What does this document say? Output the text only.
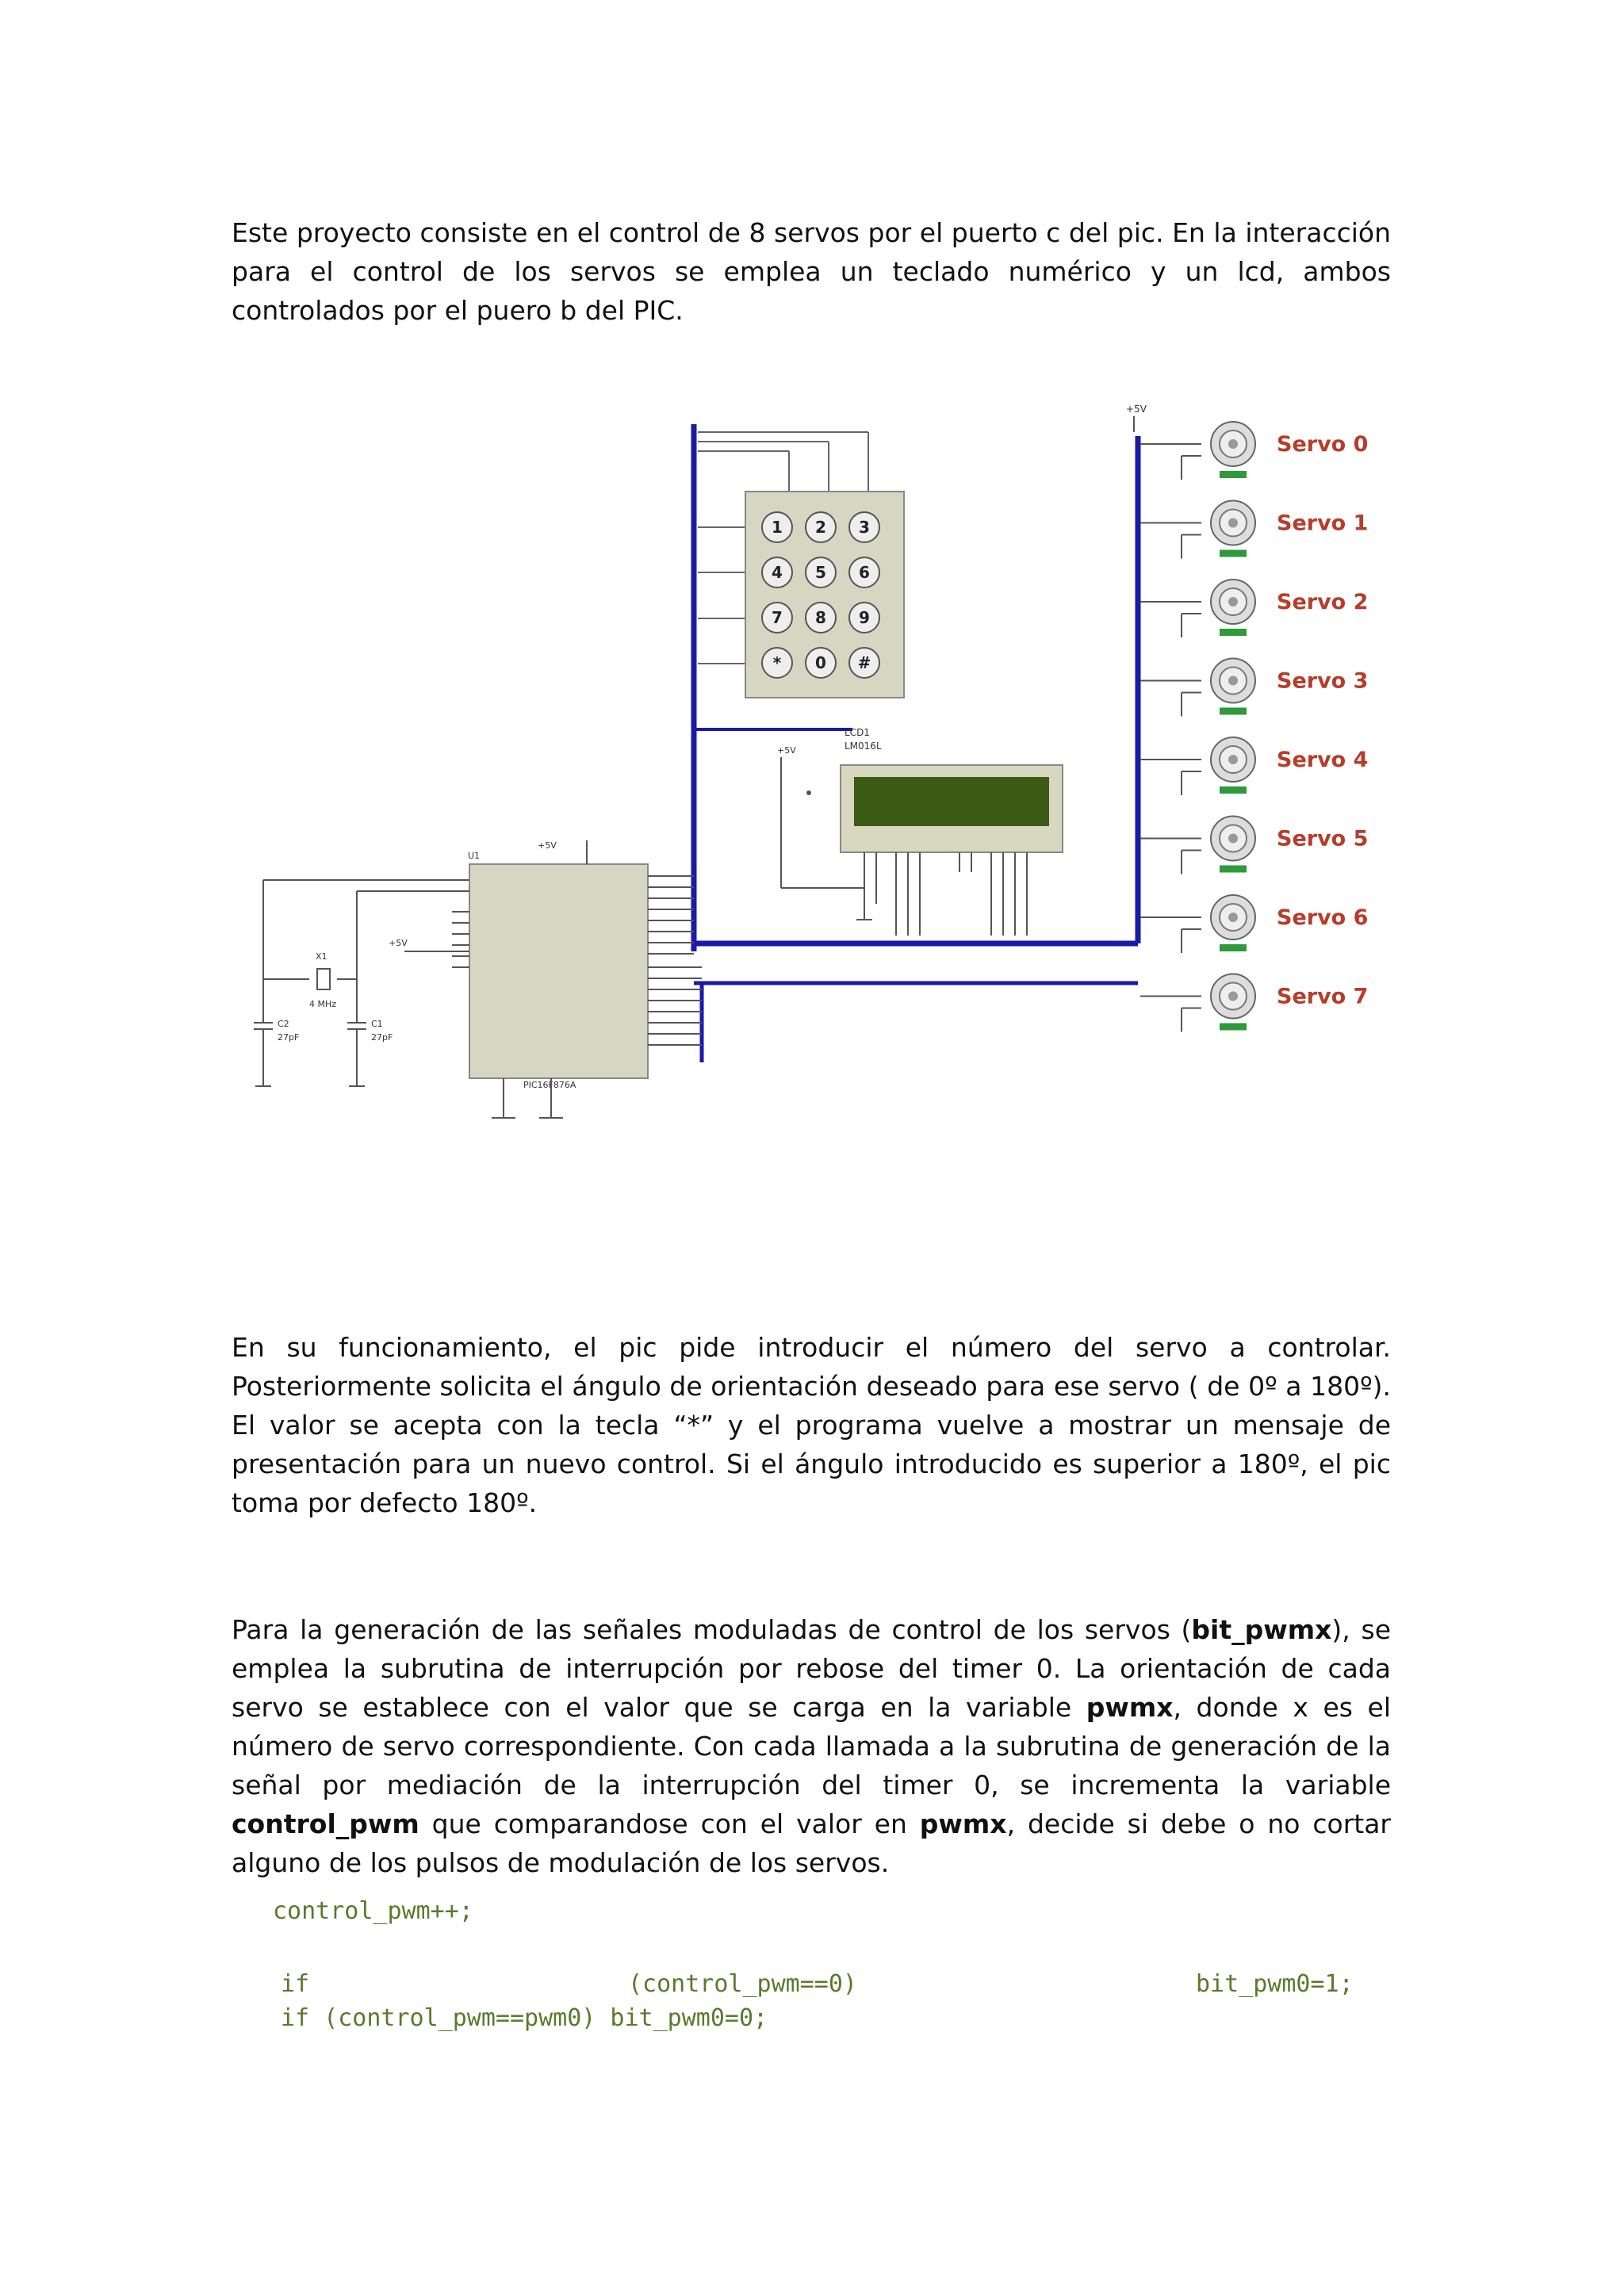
Este proyecto consiste en el control de 8 servos por el puerto c del pic. En la interacción para el control de los servos se emplea un teclado numérico y un lcd, ambos controlados por el puero b del PIC.

+5V
1 2 3
4 5 6
7 8 9
* 0 #
LCD1
LM016L
+5V
Servo 0
Servo 1
Servo 2
Servo 3
Servo 4
Servo 5
Servo 6
Servo 7
U1
PIC16F876A
+5V
X1
4 MHz
C2
27pF
C1
27pF
+5V

En su funcionamiento, el pic pide introducir el número del servo a controlar. Posteriormente solicita el ángulo de orientación deseado para ese servo ( de 0º a 180º). El valor se acepta con la tecla “*” y el programa vuelve a mostrar un mensaje de presentación para un nuevo control. Si el ángulo introducido es superior a 180º, el pic toma por defecto 180º.

Para la generación de las señales moduladas de control de los servos (bit_pwmx), se emplea la subrutina de interrupción por rebose del timer 0. La orientación de cada servo se establece con el valor que se carga en la variable pwmx, donde x es el número de servo correspondiente. Con cada llamada a la subrutina de generación de la señal por mediación de la interrupción del timer 0, se incrementa la variable control_pwm que comparandose con el valor en pwmx, decide si debe o no cortar alguno de los pulsos de modulación de los servos.

control_pwm++;
if	(control_pwm==0)	bit_pwm0=1;
if (control_pwm==pwm0) bit_pwm0=0;
